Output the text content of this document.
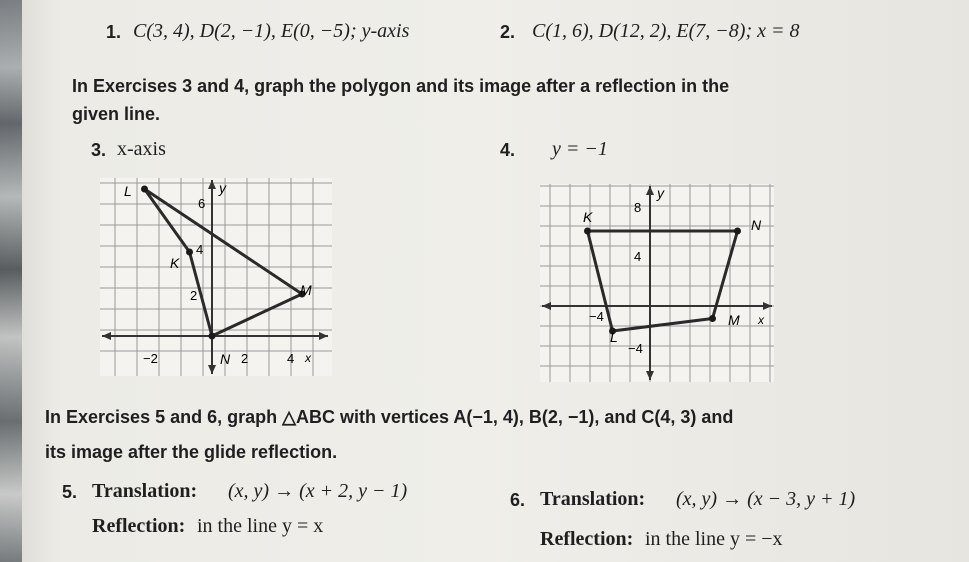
1. C(3, 4), D(2, −1), E(0, −5); y-axis	2. C(1, 6), D(12, 2), E(7, −8); x = 8
In Exercises 3 and 4, graph the polygon and its image after a reflection in the
given line.
3. x-axis	4. y = −1
y
x
−2	2	4
2
4
6
L
K
M
N
y
x
8
4
−4
−4
K	N
M
L
In Exercises 5 and 6, graph △ABC with vertices A(−1, 4), B(2, −1), and C(4, 3) and
its image after the glide reflection.
5. Translation: (x, y) → (x + 2, y − 1)
Reflection: in the line y = x
6. Translation: (x, y) → (x − 3, y + 1)
Reflection: in the line y = −x
